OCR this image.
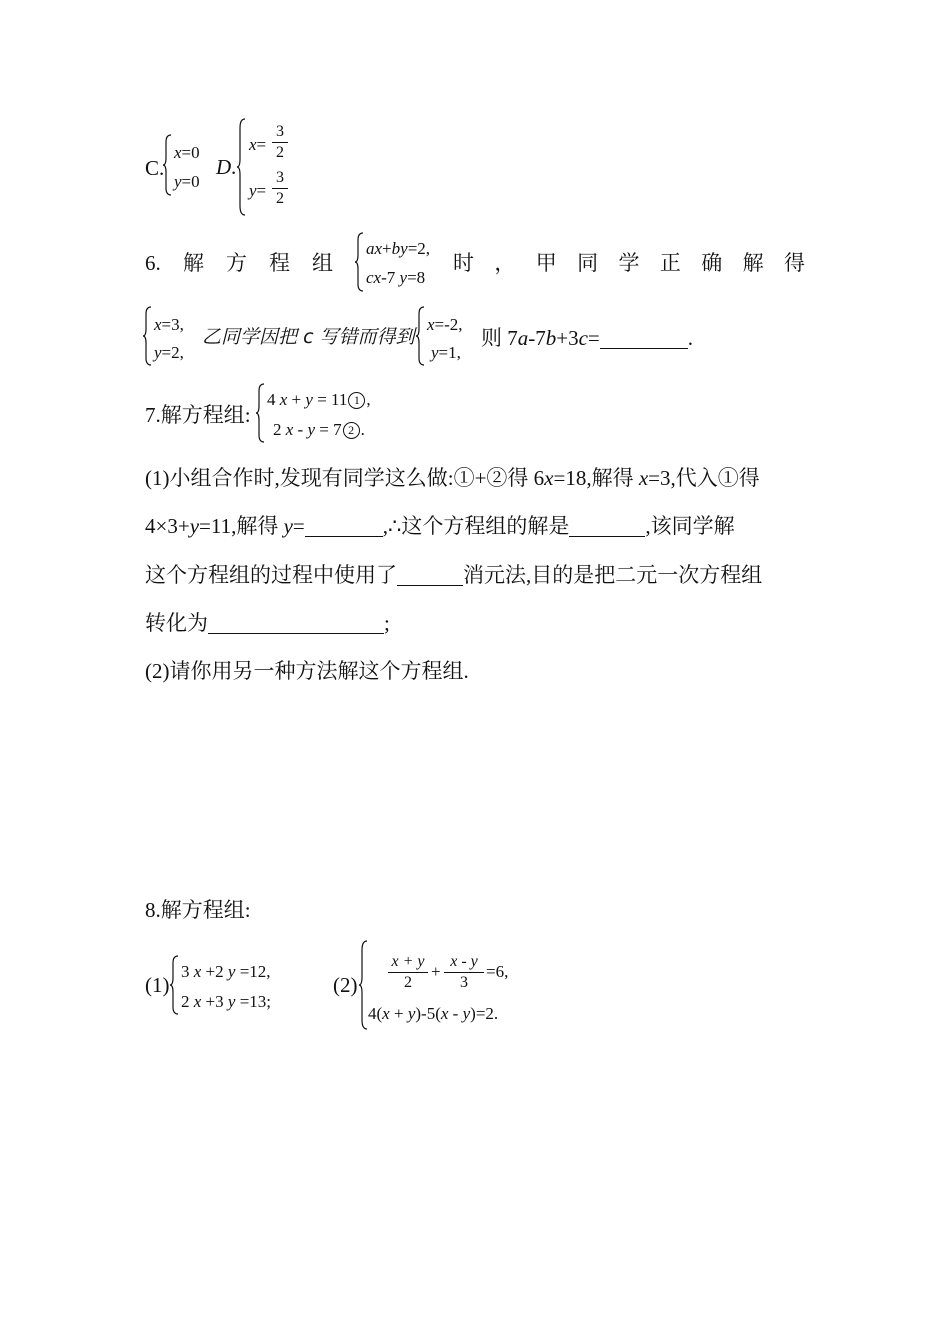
C.
x=0
y=0
D .
x=
3
2
y=
3
2
6. 解 方 程 组
ax+by=2,
cx-7 y=8
时 ， 甲 同 学 正 确 解 得
x=3,
y=2,
乙同学因把 c 写错而得到
x=-2,
y=1,
则 7a-7b+3c=	.
7.解方程组:
4 x + y = 11 1 ,
2 x - y = 7 2 .
(1)小组合作时,发现有同学这么做:①+②得 6x=18,解得 x=3,代入①得
4×3+y=11,解得 y=	,∴这个方程组的解是	,该同学解
这个方程组的过程中使用了	消元法,目的是把二元一次方程组
转化为	;
(2)请你用另一种方法解这个方程组.
8.解方程组:
(1)
3 x +2 y =12,
2 x +3 y =13;
(2)
x + y
2
+
x - y
3
=6,
4(x + y)-5(x - y)=2.
